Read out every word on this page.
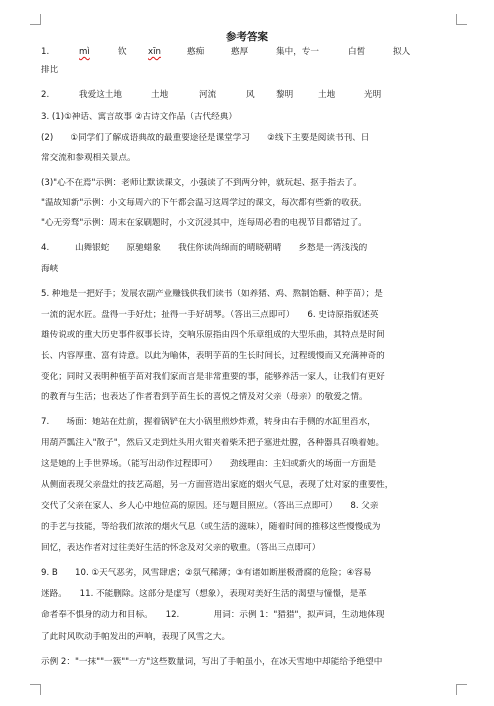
参考答案
1.	mì	钦 xīn	憨痴	憨厚	集中，专一	白皙	拟人
排比
2.	我爱这土地	土地	河流	风 黎明	土地	光明
3. (1)①神话、寓言故事 ②古诗文作品（古代经典）
(2)　　①同学们了解成语典故的最重要途径是课堂学习　　②线下主要是阅读书刊、日
常交流和参观相关景点。
(3)"心不在焉"示例：老师让默读课文，小强读了不到两分钟，就玩起、抠手指去了。
"温故知新"示例：小文每周六的下午都会温习这周学过的课文，每次都有些新的收获。
"心无旁骛"示例：周末在家刷题时，小文沉浸其中，连每周必看的电视节目都错过了。
4.　　　山舞银蛇　　原驰蜡象　　我住你读尚绵而的晴晓朝晴　　乡愁是一湾浅浅的
海峡
5. 种地是一把好手；发展农副产业赚钱供我们读书（如养猪、鸡、熬制饴糖、种芋苗）；是
一流的泥水匠。盘得一手好灶；扯得一手好胡琴。（答出三点即可）　　6. 史诗原指叙述英
雄传说或的重大历史事件叙事长诗，交响乐原指由四个乐章组成的大型乐曲，其特点是时间
长、内容厚重、富有诗意。以此为喻体，表明芋苗的生长时间长，过程缓慢而又充满神奇的
变化；同时又表明种植芋苗对我们家而言是非常重要的事，能够养活一家人，让我们有更好
的教育与生活；也表达了作者看到芋苗生长的喜悦之情及对父亲（母亲）的敬爱之情。
7.　　场面：她站在灶前，握着锅铲在大小锅里煎炒炸煮，转身由右手侧的水缸里舀水，
用葫芦瓢注入"散子"，然后又走到灶头用火钳夹着柴禾把子塞进灶膛，各种器具召唤着她。
这是她的上手世界场。（能写出动作过程即可）　　劲线理由：主妇或新火的场面一方面是
从侧面表现父亲盘灶的技艺高超，另一方面营造出家庭的烟火气息，表现了灶对家的重要性，
交代了父亲在家人、乡人心中地位高的原因。还与题目照应。（答出三点即可）　　8. 父亲
的手艺与技能，等给我们浓浓的烟火气息（或生活的滋味），随着时间的推移这些慢慢成为
回忆，表达作者对过往美好生活的怀念及对父亲的敬重。（答出三点即可）
9. B　　10. ①天气恶劣，风雪肆虐；②氛气稀薄；③有诸如断崖极滑腐的危险；④容易
迷路。　　11. 不能删除。这部分是虚写（想象），表现对美好生活的渴望与憧憬，是革
命者奉不惧身的动力和目标。　　12.　　　　用词：示例 1："猎猎"，拟声词，生动地体现
了此时风吹动手帕发出的声响，表现了风雪之大。
示例 2："一抹""一簇""一方"这些数量词，写出了手帕虽小，在冰天雪地中却能给予绝望中
